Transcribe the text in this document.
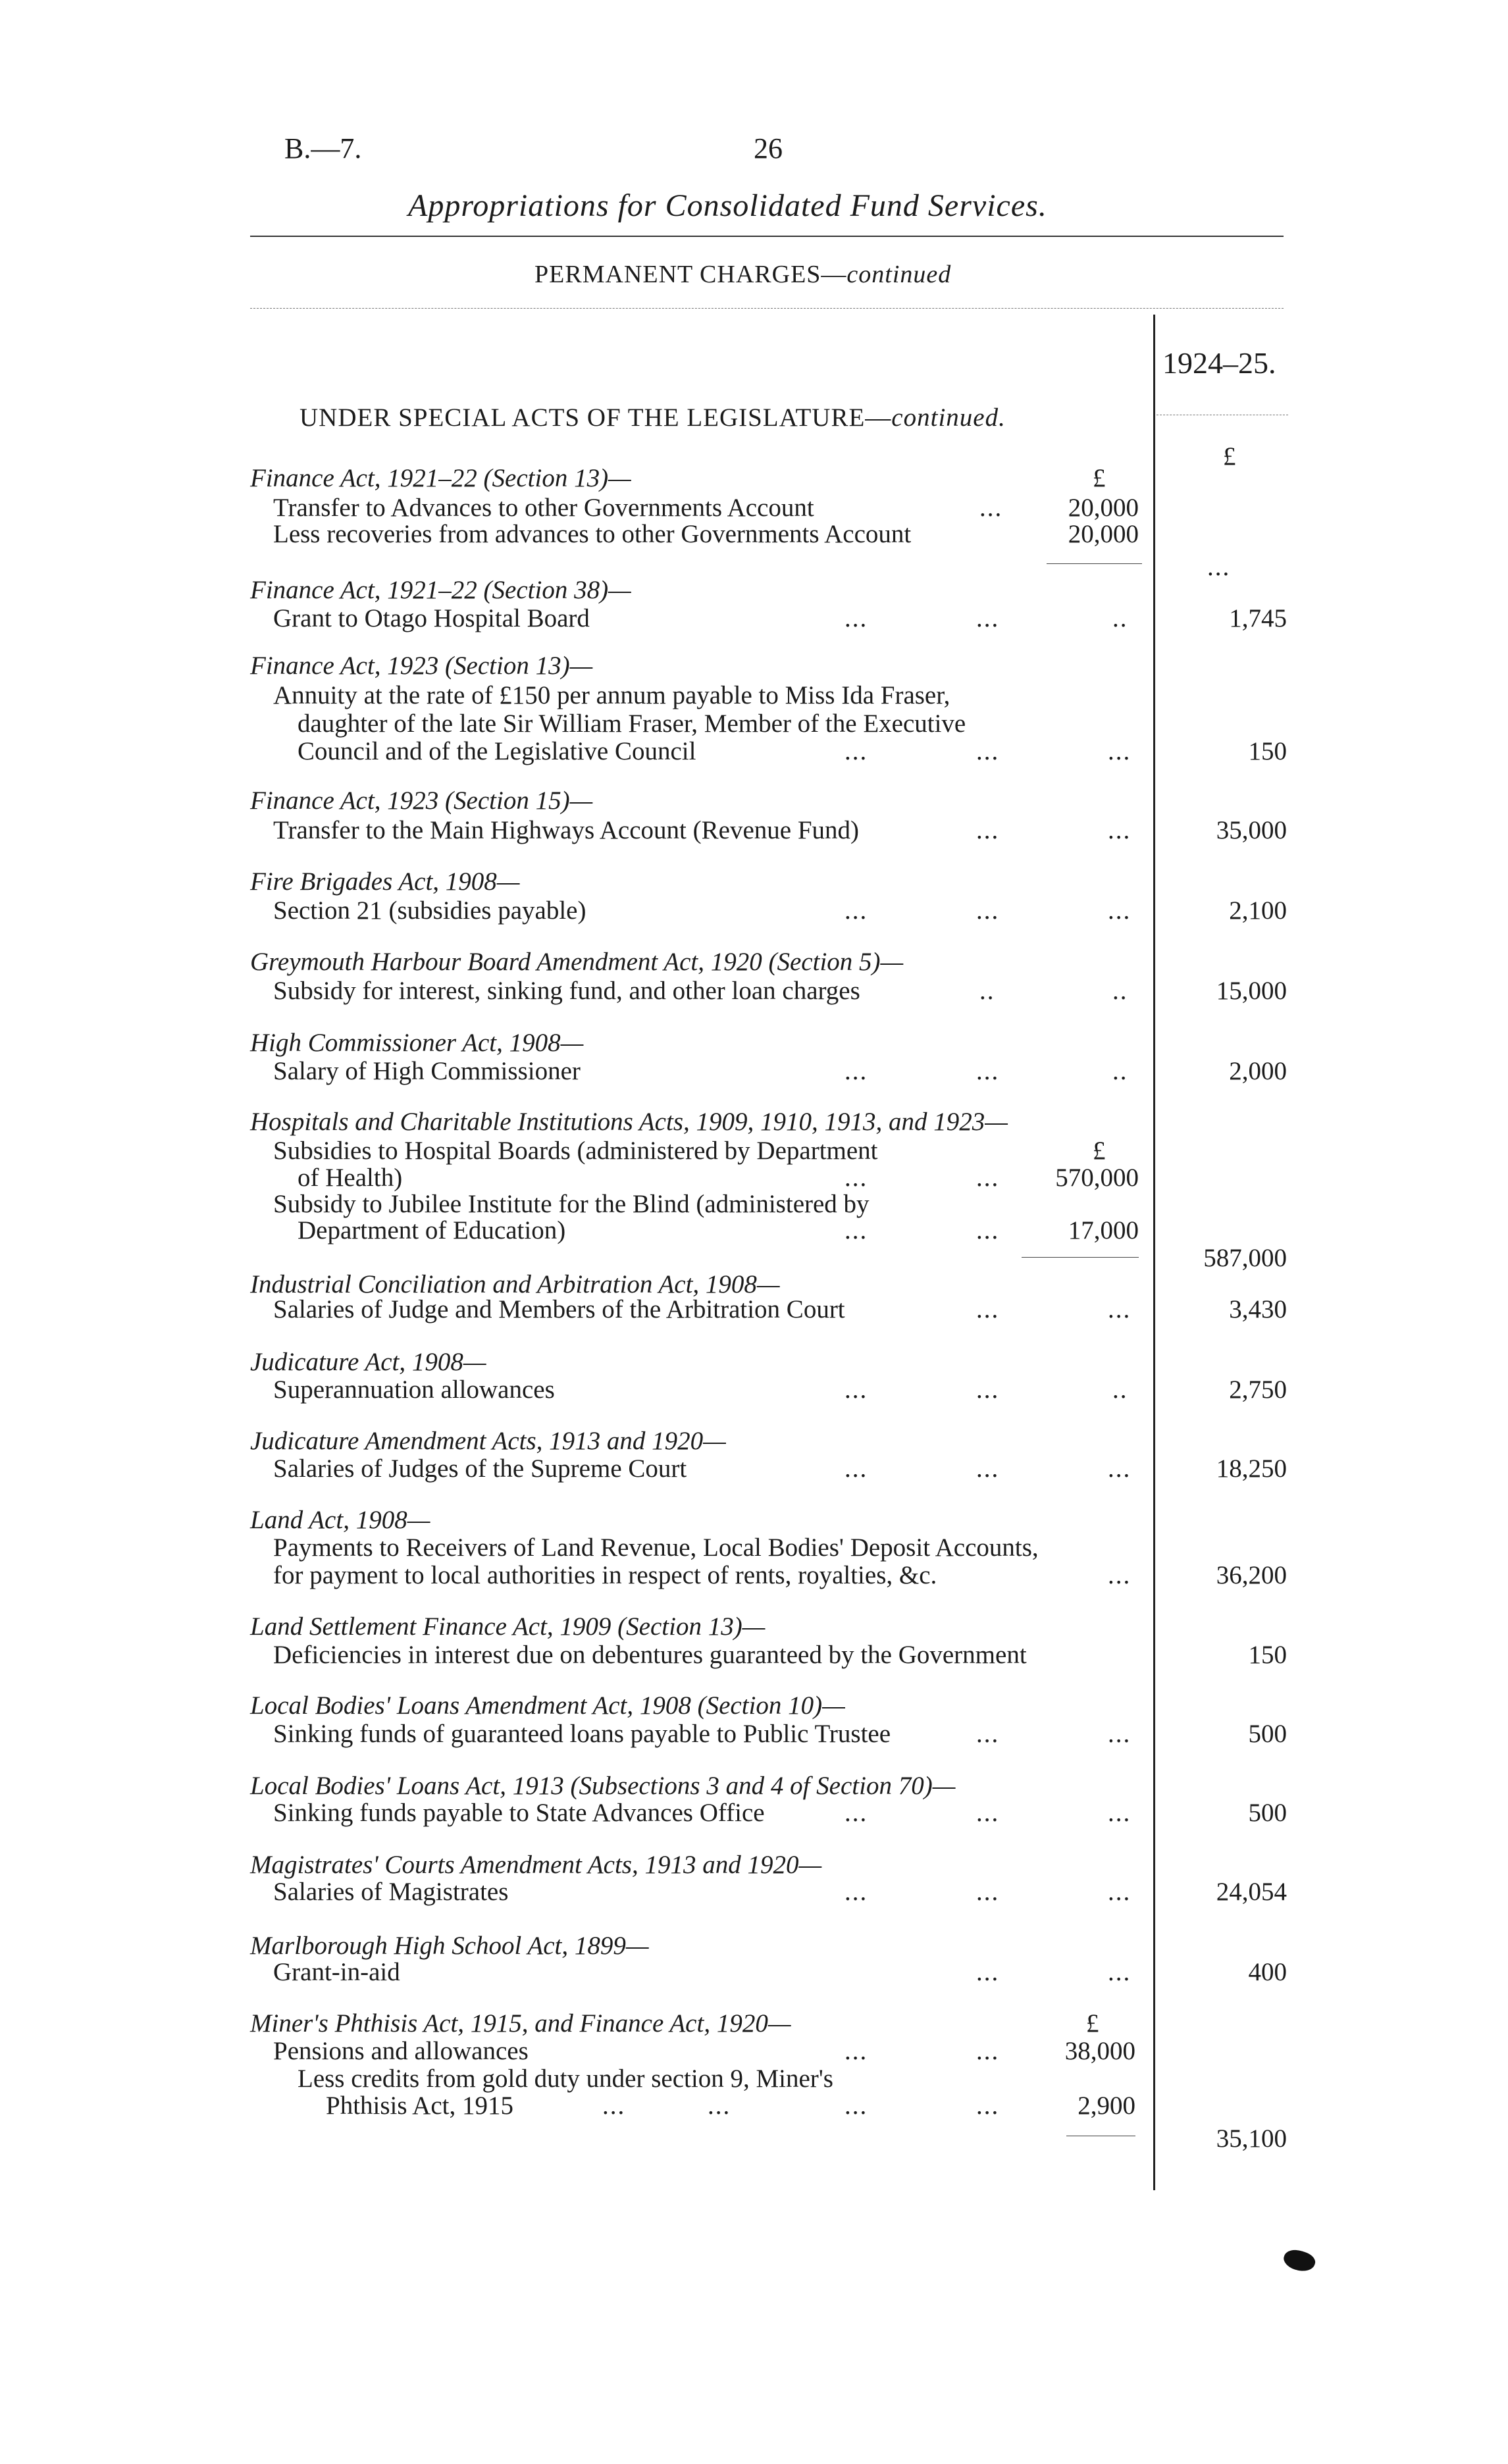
B.—7.	26
Appropriations for Consolidated Fund Services.
PERMANENT CHARGES—continued
1924–25.
£
UNDER SPECIAL ACTS OF THE LEGISLATURE—continued.
Finance Act, 1921–22 (Section 13)—	£
Transfer to Advances to other Governments Account	...	20,000
Less recoveries from advances to other Governments Account	20,000
...
Finance Act, 1921–22 (Section 38)—
Grant to Otago Hospital Board	...	...	..	1,745
Finance Act, 1923 (Section 13)—
Annuity at the rate of £150 per annum payable to Miss Ida Fraser,
daughter of the late Sir William Fraser, Member of the Executive
Council and of the Legislative Council	...	...	...	150
Finance Act, 1923 (Section 15)—
Transfer to the Main Highways Account (Revenue Fund)	...	...	35,000
Fire Brigades Act, 1908—
Section 21 (subsidies payable)	...	...	...	2,100
Greymouth Harbour Board Amendment Act, 1920 (Section 5)—
Subsidy for interest, sinking fund, and other loan charges	..	..	15,000
High Commissioner Act, 1908—
Salary of High Commissioner	...	...	..	2,000
Hospitals and Charitable Institutions Acts, 1909, 1910, 1913, and 1923—
Subsidies to Hospital Boards (administered by Department	£
of Health)	...	...	570,000
Subsidy to Jubilee Institute for the Blind (administered by
Department of Education)	...	...	17,000
587,000
Industrial Conciliation and Arbitration Act, 1908—
Salaries of Judge and Members of the Arbitration Court	...	...	3,430
Judicature Act, 1908—
Superannuation allowances	...	...	..	2,750
Judicature Amendment Acts, 1913 and 1920—
Salaries of Judges of the Supreme Court	...	...	...	18,250
Land Act, 1908—
Payments to Receivers of Land Revenue, Local Bodies' Deposit Accounts,
for payment to local authorities in respect of rents, royalties, &c.	...	36,200
Land Settlement Finance Act, 1909 (Section 13)—
Deficiencies in interest due on debentures guaranteed by the Government	150
Local Bodies' Loans Amendment Act, 1908 (Section 10)—
Sinking funds of guaranteed loans payable to Public Trustee	...	...	500
Local Bodies' Loans Act, 1913 (Subsections 3 and 4 of Section 70)—
Sinking funds payable to State Advances Office	...	...	...	500
Magistrates' Courts Amendment Acts, 1913 and 1920—
Salaries of Magistrates	...	...	...	24,054
Marlborough High School Act, 1899—
Grant-in-aid	...	...	400
Miner's Phthisis Act, 1915, and Finance Act, 1920—	£
Pensions and allowances	...	...	38,000
Less credits from gold duty under section 9, Miner's
Phthisis Act, 1915	...	...	...	...	2,900
35,100
